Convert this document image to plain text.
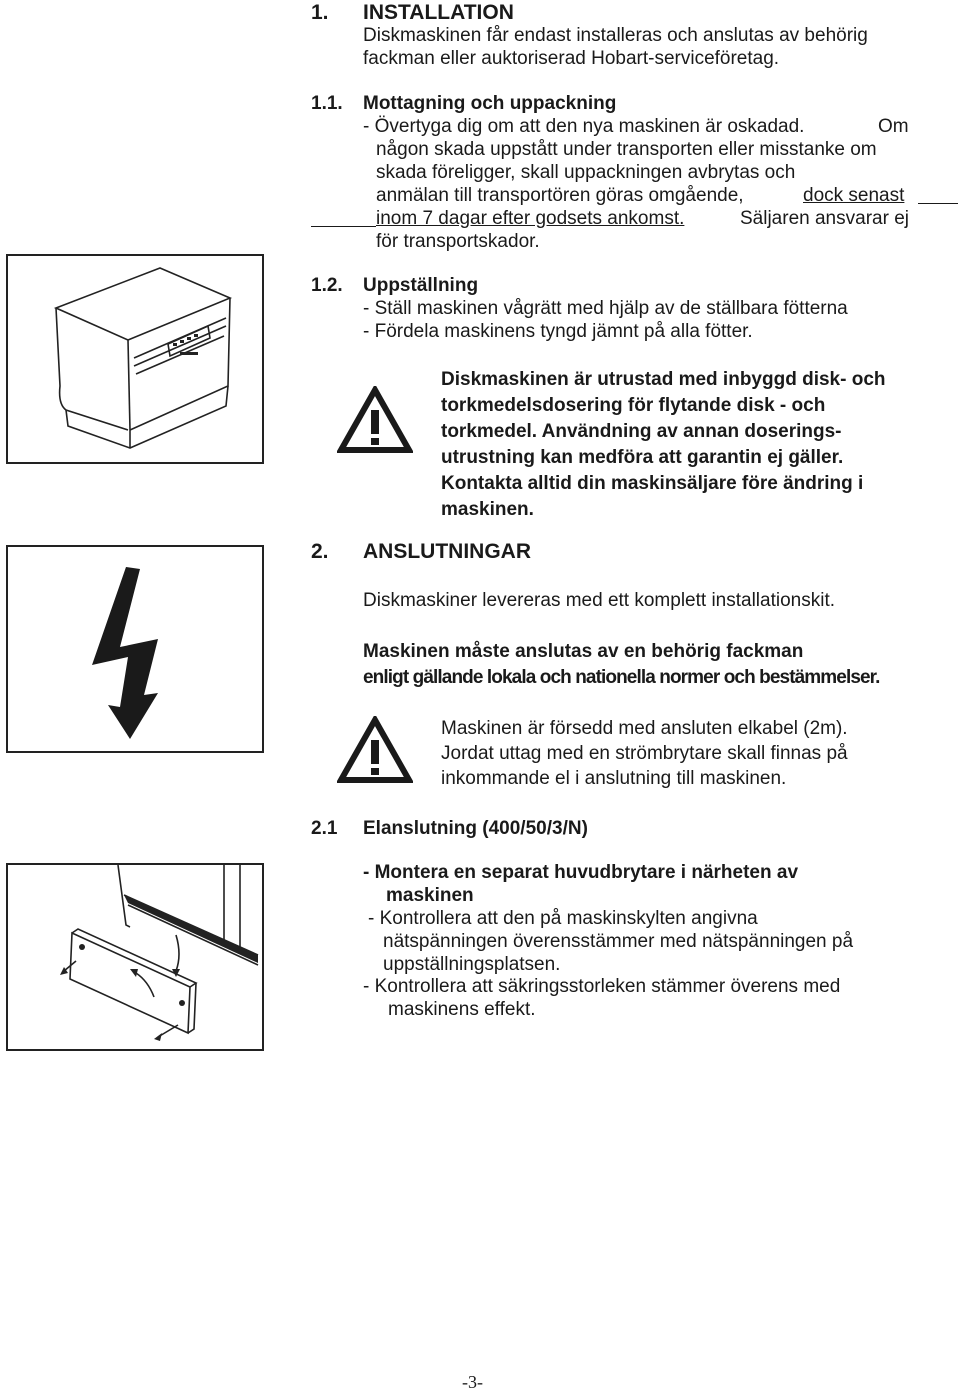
1. INSTALLATION
Diskmaskinen får endast installeras och anslutas av behörig
fackman eller auktoriserad Hobart-serviceföretag.
1.1. Mottagning och uppackning
- Övertyga dig om att den nya maskinen är oskadad.	Om
någon skada uppstått under transporten eller misstanke om
skada föreligger, skall uppackningen avbrytas och
anmälan till transportören göras omgående,	dock senast
inom 7 dagar efter godsets ankomst.	Säljaren ansvarar ej
för transportskador.
1.2. Uppställning
- Ställ maskinen vågrätt med hjälp av de ställbara fötterna
- Fördela maskinens tyngd jämnt på alla fötter.
Diskmaskinen är utrustad med inbyggd disk- och
torkmedelsdosering för flytande disk - och
torkmedel. Användning av annan doserings-
utrustning kan medföra att garantin ej gäller.
Kontakta alltid din maskinsäljare före ändring i
maskinen.
2. ANSLUTNINGAR
Diskmaskiner levereras med ett komplett installationskit.
Maskinen måste anslutas av en behörig fackman
enligt gällande lokala och nationella normer och bestämmelser.
Maskinen är försedd med ansluten elkabel (2m).
Jordat uttag med en strömbrytare skall finnas på
inkommande el i anslutning till maskinen.
2.1 Elanslutning (400/50/3/N)
- Montera en separat huvudbrytare i närheten av
maskinen
- Kontrollera att den på maskinskylten angivna
nätspänningen överensstämmer med nätspänningen på
uppställningsplatsen.
- Kontrollera att säkringsstorleken stämmer överens med
maskinens effekt.
-3-
